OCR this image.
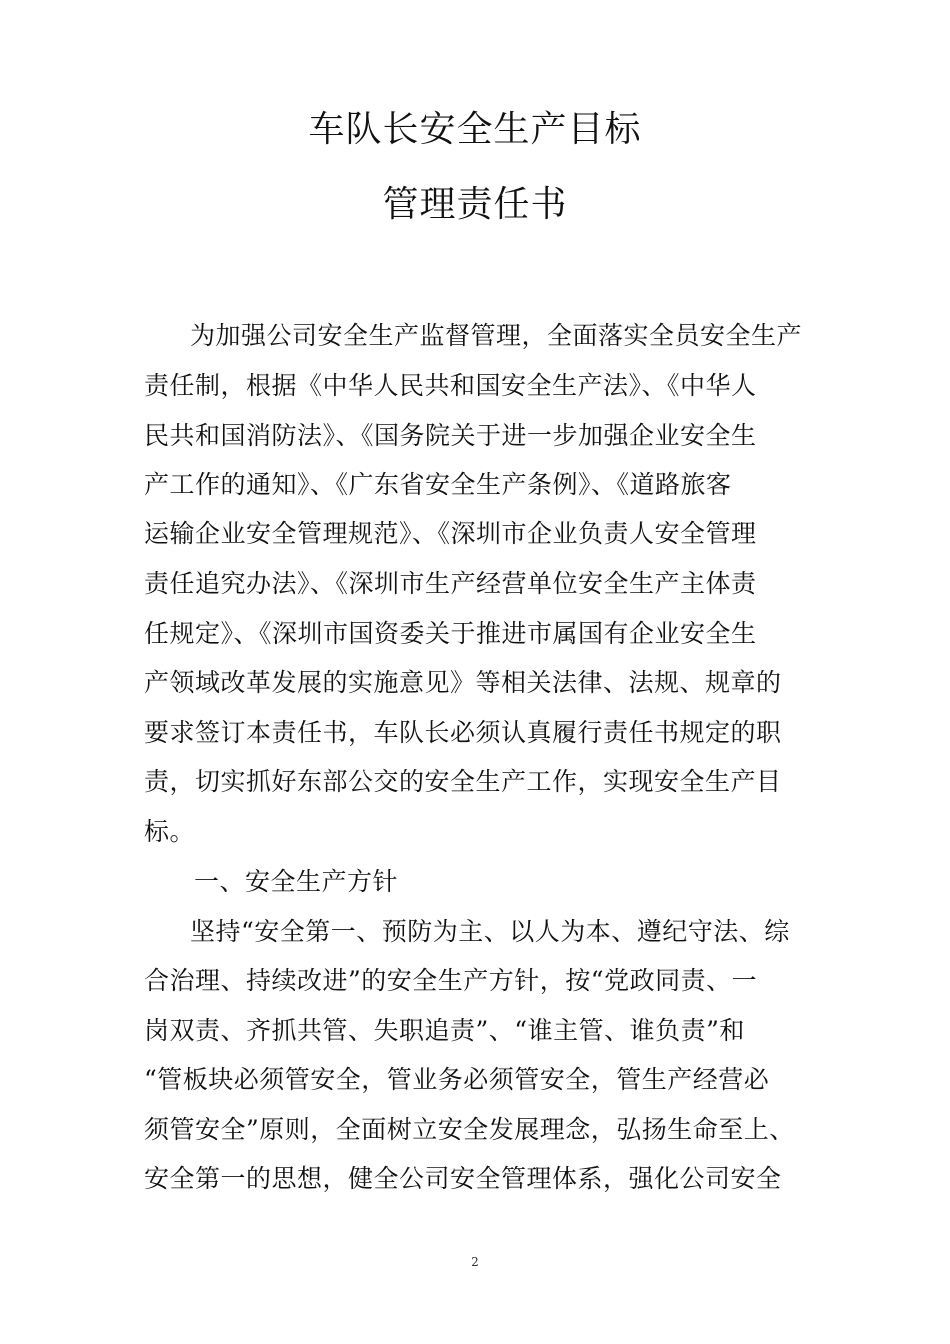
车队长安全生产目标
管理责任书
为加强公司安全生产监督管理，全面落实全员安全生产
责任制，根据《中华人民共和国安全生产法》、《中华人
民共和国消防法》、《国务院关于进一步加强企业安全生
产工作的通知》、《广东省安全生产条例》、《道路旅客
运输企业安全管理规范》、《深圳市企业负责人安全管理
责任追究办法》、《深圳市生产经营单位安全生产主体责
任规定》、《深圳市国资委关于推进市属国有企业安全生
产领域改革发展的实施意见》等相关法律、法规、规章的
要求签订本责任书，车队长必须认真履行责任书规定的职
责，切实抓好东部公交的安全生产工作，实现安全生产目
标。
一、安全生产方针
坚持“安全第一、预防为主、以人为本、遵纪守法、综
合治理、持续改进”的安全生产方针，按“党政同责、一
岗双责、齐抓共管、失职追责”、“谁主管、谁负责”和
“管板块必须管安全，管业务必须管安全，管生产经营必
须管安全”原则，全面树立安全发展理念，弘扬生命至上、
安全第一的思想，健全公司安全管理体系，强化公司安全
2
